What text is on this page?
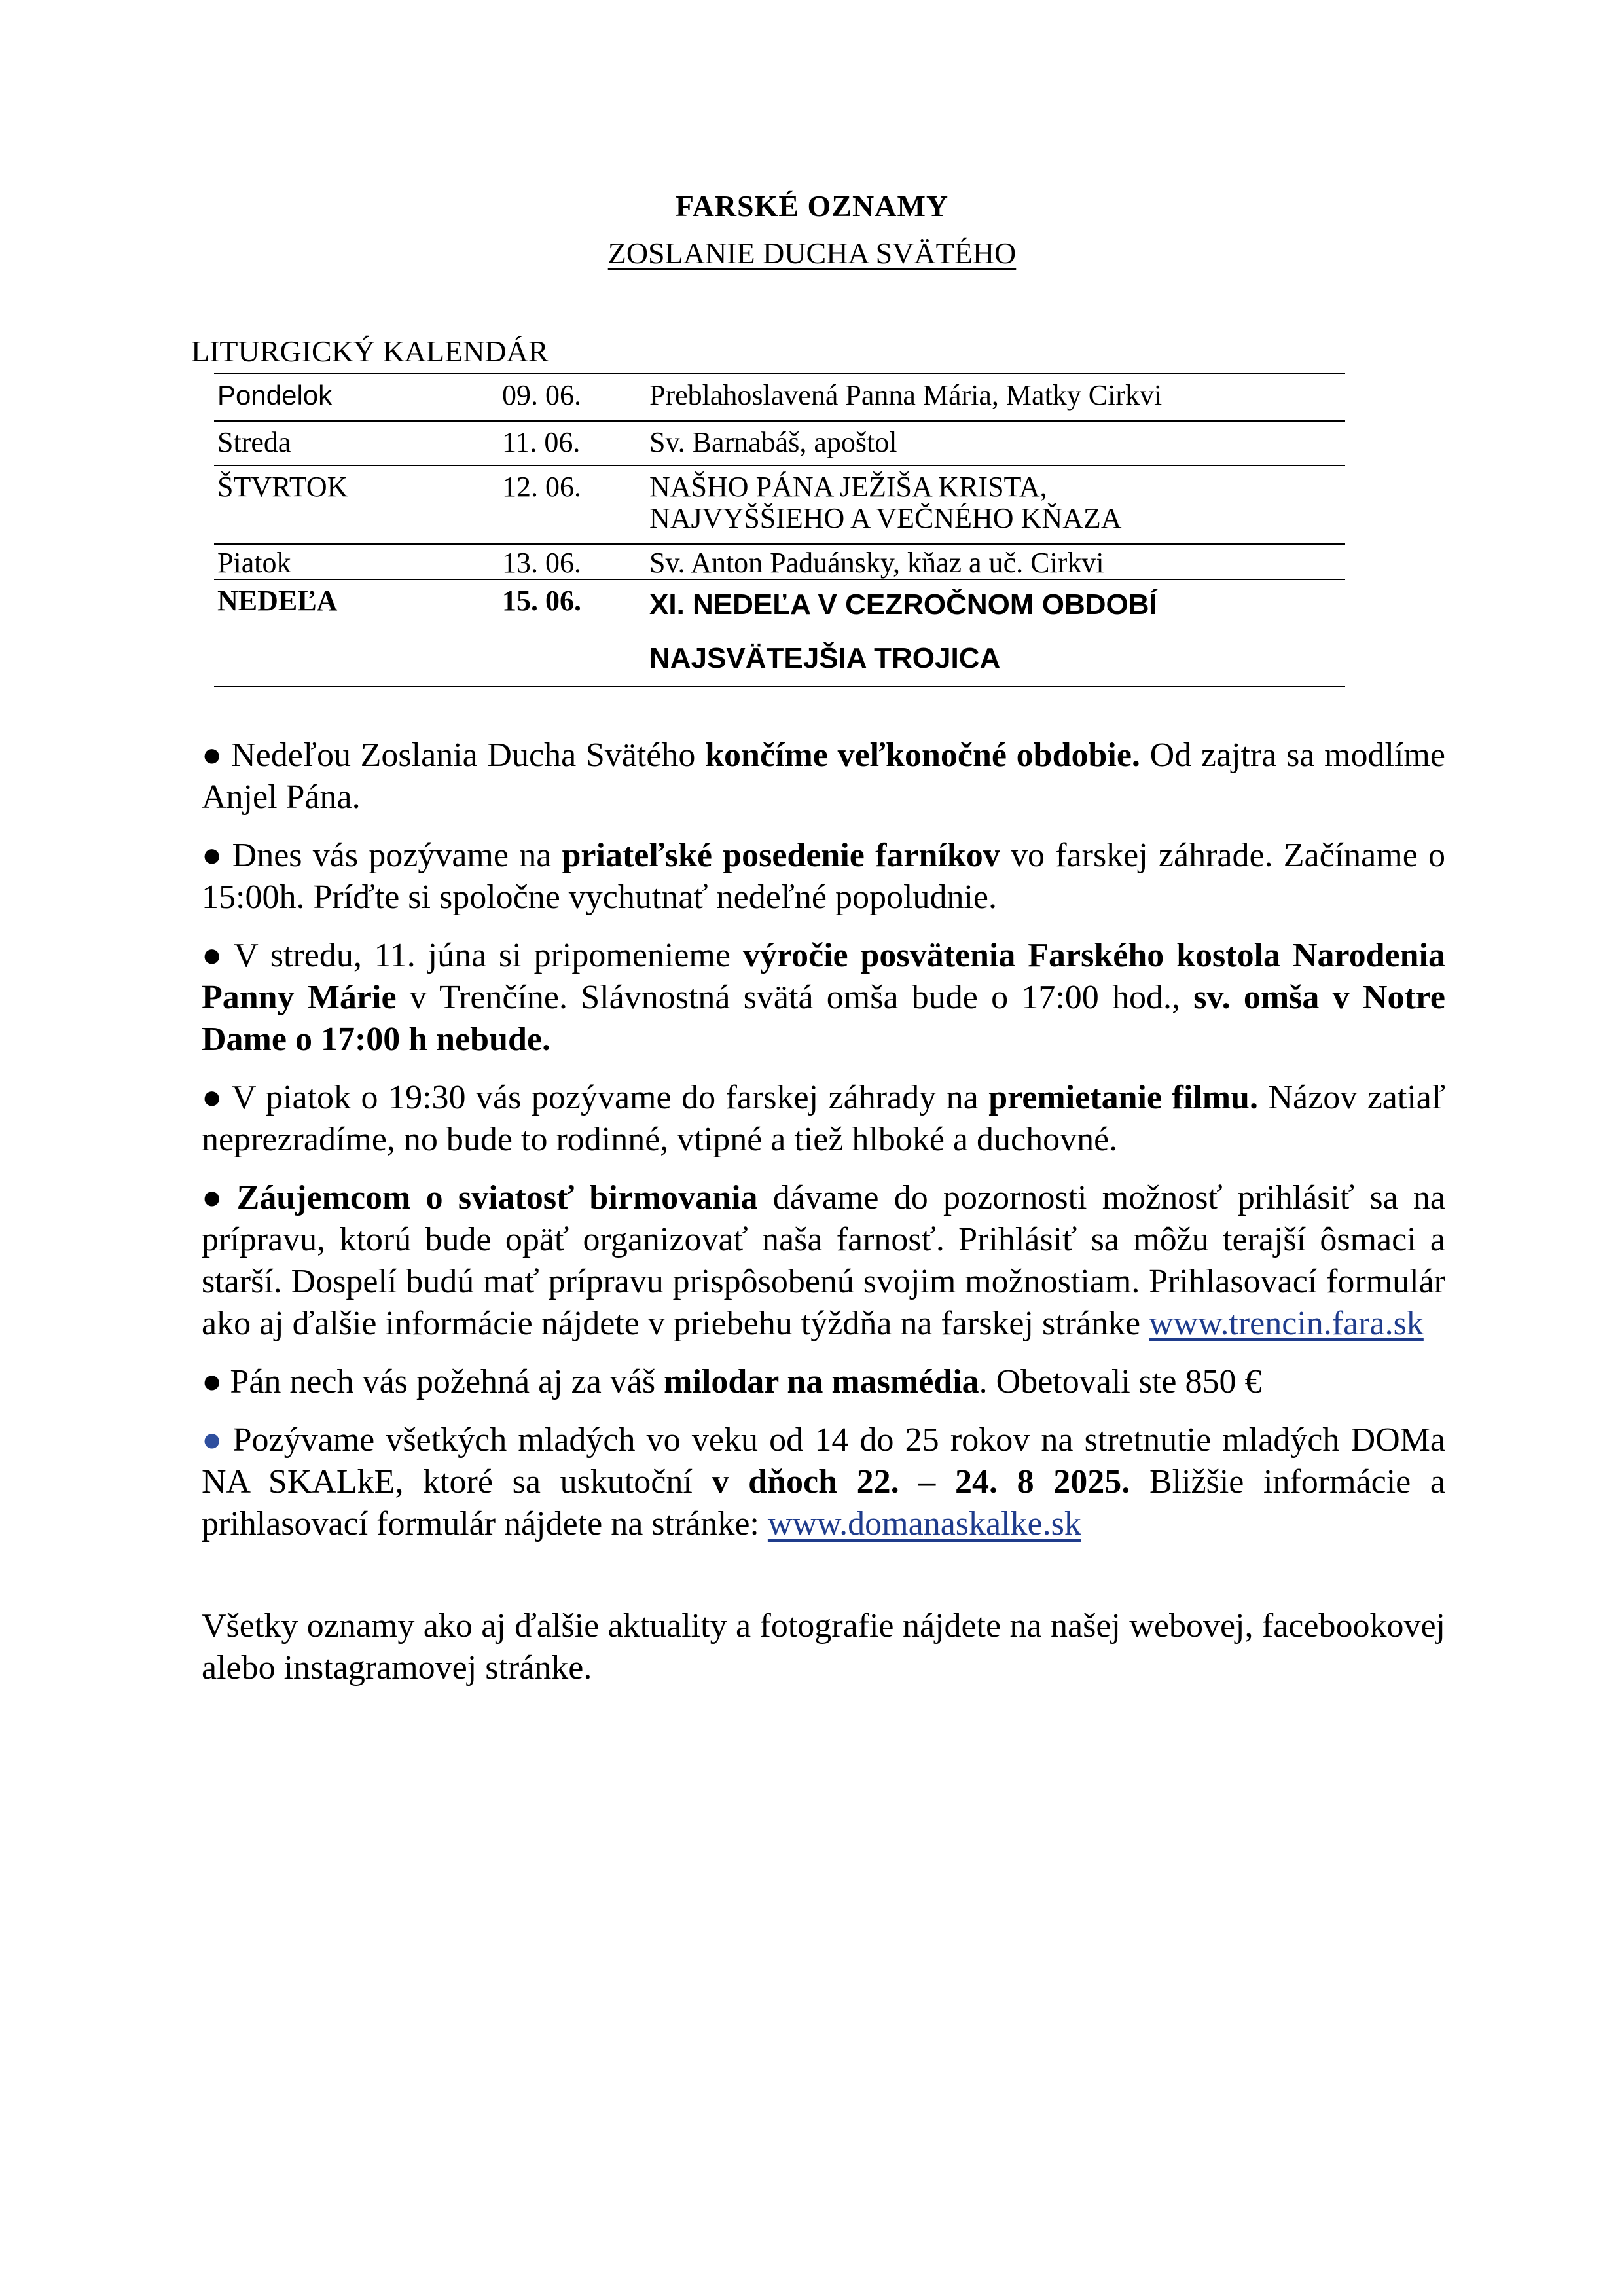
FARSKÉ OZNAMY
ZOSLANIE DUCHA SVÄTÉHO
LITURGICKÝ KALENDÁR
Pondelok	09. 06. Preblahoslavená Panna Mária, Matky Cirkvi
Streda	11. 06. Sv. Barnabáš, apoštol
ŠTVRTOK	12. 06. NAŠHO PÁNA JEŽIŠA KRISTA,
NAJVYŠŠIEHO A VEČNÉHO KŇAZA
Piatok	13. 06. Sv. Anton Paduánsky, kňaz a uč. Cirkvi
NEDEĽA	15. 06. XI. NEDEĽA V CEZROČNOM OBDOBÍ
NAJSVÄTEJŠIA TROJICA

● Nedeľou Zoslania Ducha Svätého končíme veľkonočné obdobie. Od zajtra sa modlíme Anjel Pána.

● Dnes vás pozývame na priateľské posedenie farníkov vo farskej záhrade. Začíname o 15:00h. Príďte si spoločne vychutnať nedeľné popoludnie.

● V stredu, 11. júna si pripomenieme výročie posvätenia Farského kostola Narodenia Panny Márie v Trenčíne. Slávnostná svätá omša bude o 17:00 hod., sv. omša v Notre Dame o 17:00 h nebude.

● V piatok o 19:30 vás pozývame do farskej záhrady na premietanie filmu. Názov zatiaľ neprezradíme, no bude to rodinné, vtipné a tiež hlboké a duchovné.

● Záujemcom o sviatosť birmovania dávame do pozornosti možnosť prihlásiť sa na prípravu, ktorú bude opäť organizovať naša farnosť. Prihlásiť sa môžu terajší ôsmaci a starší. Dospelí budú mať prípravu prispôsobenú svojim možnostiam. Prihlasovací formulár ako aj ďalšie informácie nájdete v priebehu týždňa na farskej stránke www.trencin.fara.sk

● Pán nech vás požehná aj za váš milodar na masmédia. Obetovali ste 850 €

● Pozývame všetkých mladých vo veku od 14 do 25 rokov na stretnutie mladých DOMa NA SKALkE, ktoré sa uskutoční v dňoch 22. – 24. 8 2025. Bližšie informácie a prihlasovací formulár nájdete na stránke: www.domanaskalke.sk

Všetky oznamy ako aj ďalšie aktuality a fotografie nájdete na našej webovej, facebookovej alebo instagramovej stránke.
